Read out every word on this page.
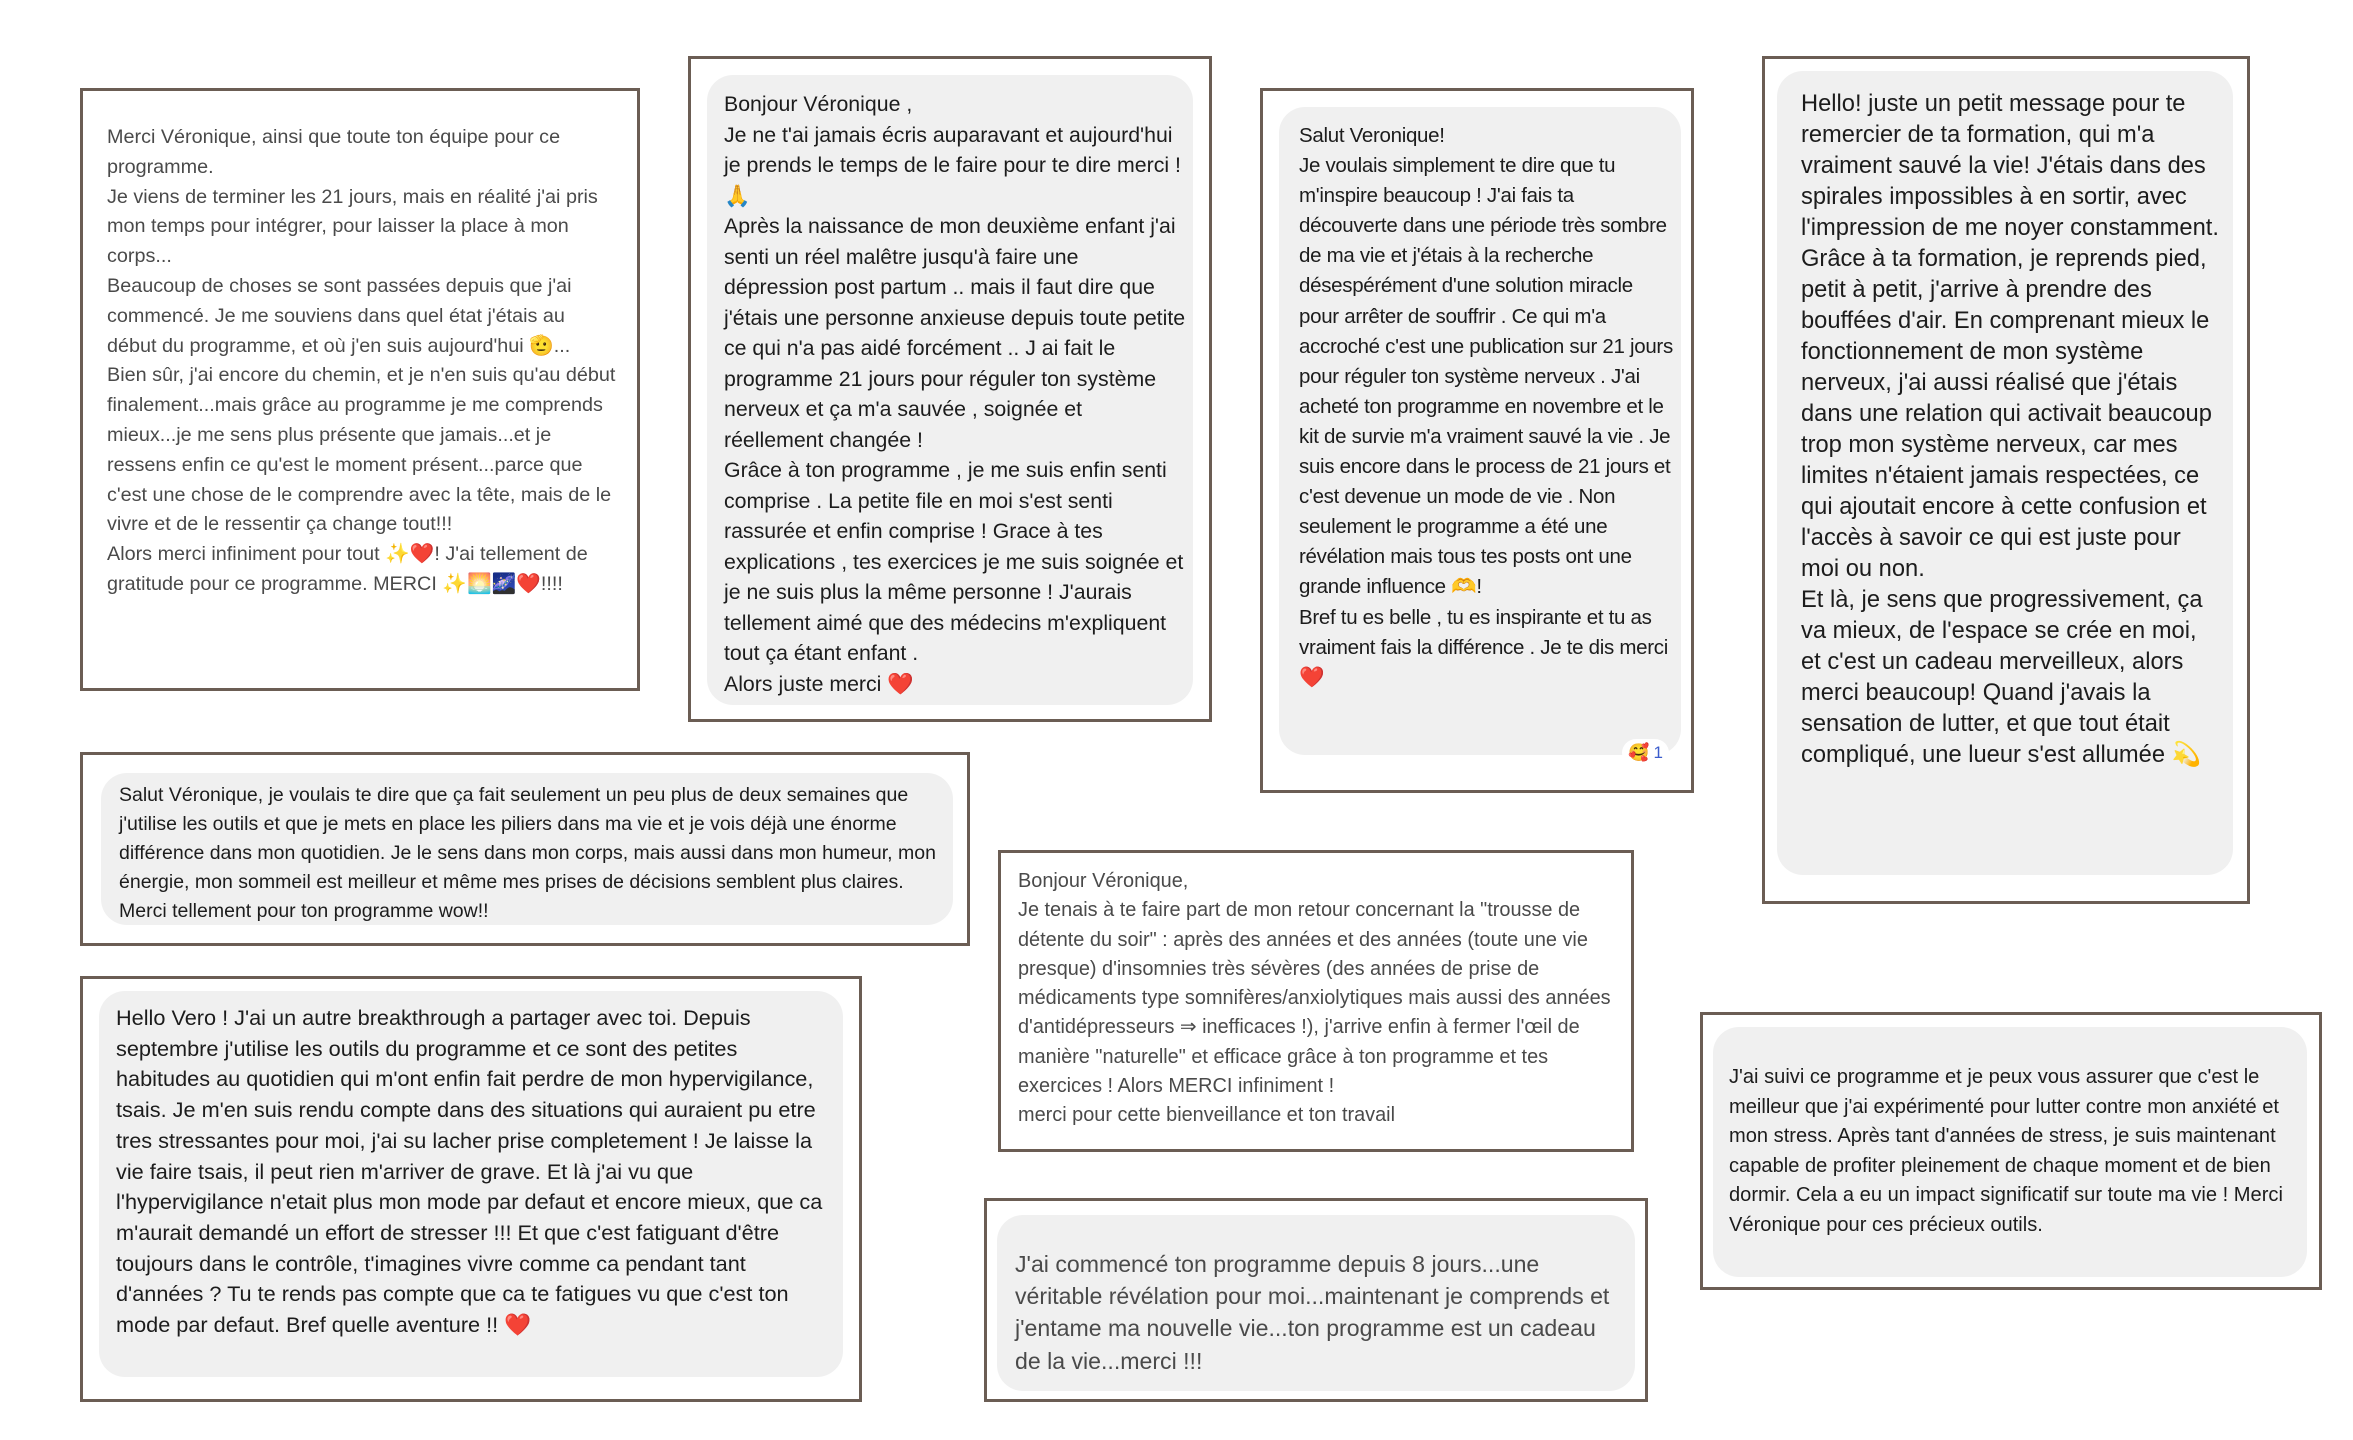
Merci Véronique, ainsi que toute ton équipe pour ce programme.
Je viens de terminer les 21 jours, mais en réalité j'ai pris mon temps pour intégrer, pour laisser la place à mon corps...
Beaucoup de choses se sont passées depuis que j'ai commencé. Je me souviens dans quel état j'étais au début du programme, et où j'en suis aujourd'hui 🫡...
Bien sûr, j'ai encore du chemin, et je n'en suis qu'au début finalement...mais grâce au programme je me comprends mieux...je me sens plus présente que jamais...et je ressens enfin ce qu'est le moment présent...parce que c'est une chose de le comprendre avec la tête, mais de le vivre et de le ressentir ça change tout!!!
Alors merci infiniment pour tout ✨❤️! J'ai tellement de gratitude pour ce programme. MERCI ✨🌅🌌❤️!!!!

Bonjour Véronique ,
Je ne t'ai jamais écris auparavant et aujourd'hui je prends le temps de le faire pour te dire merci ! 🙏
Après la naissance de mon deuxième enfant j'ai senti un réel malêtre jusqu'à faire une dépression post partum .. mais il faut dire que j'étais une personne anxieuse depuis toute petite ce qui n'a pas aidé forcément .. J ai fait le programme 21 jours pour réguler ton système nerveux et ça m'a sauvée , soignée et réellement changée !
Grâce à ton programme , je me suis enfin senti comprise . La petite file en moi s'est senti rassurée et enfin comprise ! Grace à tes explications , tes exercices je me suis soignée et je ne suis plus la même personne ! J'aurais tellement aimé que des médecins m'expliquent tout ça étant enfant .
Alors juste merci ❤️

Salut Veronique!
Je voulais simplement te dire que tu m'inspire beaucoup ! J'ai fais ta découverte dans une période très sombre de ma vie et j'étais à la recherche désespérément d'une solution miracle pour arrêter de souffrir . Ce qui m'a accroché c'est une publication sur 21 jours pour réguler ton système nerveux . J'ai acheté ton programme en novembre et le kit de survie m'a vraiment sauvé la vie . Je suis encore dans le process de 21 jours et c'est devenue un mode de vie . Non seulement le programme a été une révélation mais tous tes posts ont une grande influence 🫶!
Bref tu es belle , tu es inspirante et tu as vraiment fais la différence . Je te dis merci ❤️

🥰 1

Hello! juste un petit message pour te remercier de ta formation, qui m'a vraiment sauvé la vie! J'étais dans des spirales impossibles à en sortir, avec l'impression de me noyer constamment.
Grâce à ta formation, je reprends pied, petit à petit, j'arrive à prendre des bouffées d'air. En comprenant mieux le fonctionnement de mon système nerveux, j'ai aussi réalisé que j'étais dans une relation qui activait beaucoup trop mon système nerveux, car mes limites n'étaient jamais respectées, ce qui ajoutait encore à cette confusion et l'accès à savoir ce qui est juste pour moi ou non.
Et là, je sens que progressivement, ça va mieux, de l'espace se crée en moi, et c'est un cadeau merveilleux, alors merci beaucoup! Quand j'avais la sensation de lutter, et que tout était compliqué, une lueur s'est allumée 💫

Salut Véronique, je voulais te dire que ça fait seulement un peu plus de deux semaines que j'utilise les outils et que je mets en place les piliers dans ma vie et je vois déjà une énorme différence dans mon quotidien. Je le sens dans mon corps, mais aussi dans mon humeur, mon énergie, mon sommeil est meilleur et même mes prises de décisions semblent plus claires. Merci tellement pour ton programme wow!!

Bonjour Véronique,
Je tenais à te faire part de mon retour concernant la "trousse de détente du soir" : après des années et des années (toute une vie presque) d'insomnies très sévères (des années de prise de médicaments type somnifères/anxiolytiques mais aussi des années d'antidépresseurs ⇒ inefficaces !), j'arrive enfin à fermer l'œil de manière "naturelle" et efficace grâce à ton programme et tes exercices ! Alors MERCI infiniment !
merci pour cette bienveillance et ton travail

Hello Vero ! J'ai un autre breakthrough a partager avec toi. Depuis septembre j'utilise les outils du programme et ce sont des petites habitudes au quotidien qui m'ont enfin fait perdre de mon hypervigilance, tsais. Je m'en suis rendu compte dans des situations qui auraient pu etre tres stressantes pour moi, j'ai su lacher prise completement ! Je laisse la vie faire tsais, il peut rien m'arriver de grave. Et là j'ai vu que l'hypervigilance n'etait plus mon mode par defaut et encore mieux, que ca m'aurait demandé un effort de stresser !!! Et que c'est fatiguant d'être toujours dans le contrôle, t'imagines vivre comme ca pendant tant d'années ? Tu te rends pas compte que ca te fatigues vu que c'est ton mode par defaut. Bref quelle aventure !! ❤️

J'ai commencé ton programme depuis 8 jours...une véritable révélation pour moi...maintenant je comprends et j'entame ma nouvelle vie...ton programme est un cadeau de la vie...merci !!!

J'ai suivi ce programme et je peux vous assurer que c'est le meilleur que j'ai expérimenté pour lutter contre mon anxiété et mon stress. Après tant d'années de stress, je suis maintenant capable de profiter pleinement de chaque moment et de bien dormir. Cela a eu un impact significatif sur toute ma vie ! Merci Véronique pour ces précieux outils.
